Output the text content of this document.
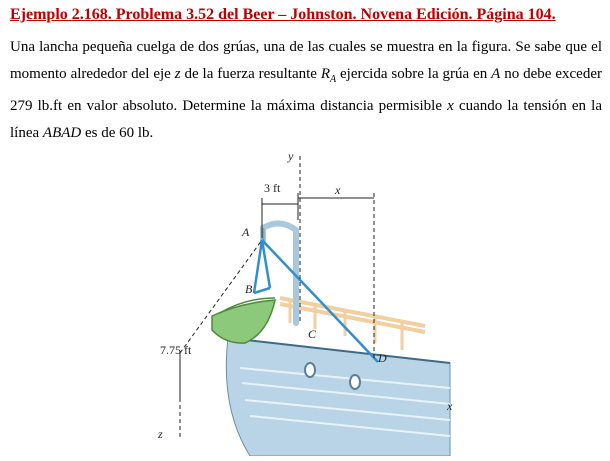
Ejemplo 2.168. Problema 3.52 del Beer – Johnston. Novena Edición. Página 104.
Una lancha pequeña cuelga de dos grúas, una de las cuales se muestra en la figura. Se sabe que el momento alrededor del eje z de la fuerza resultante $R_A$ ejercida sobre la grúa en A no debe exceder 279 lb.ft en valor absoluto. Determine la máxima distancia permisible x cuando la tensión en la línea ABAD es de 60 lb.
y
3 ft	x
A
B
C
D
7.75 ft
x
z
